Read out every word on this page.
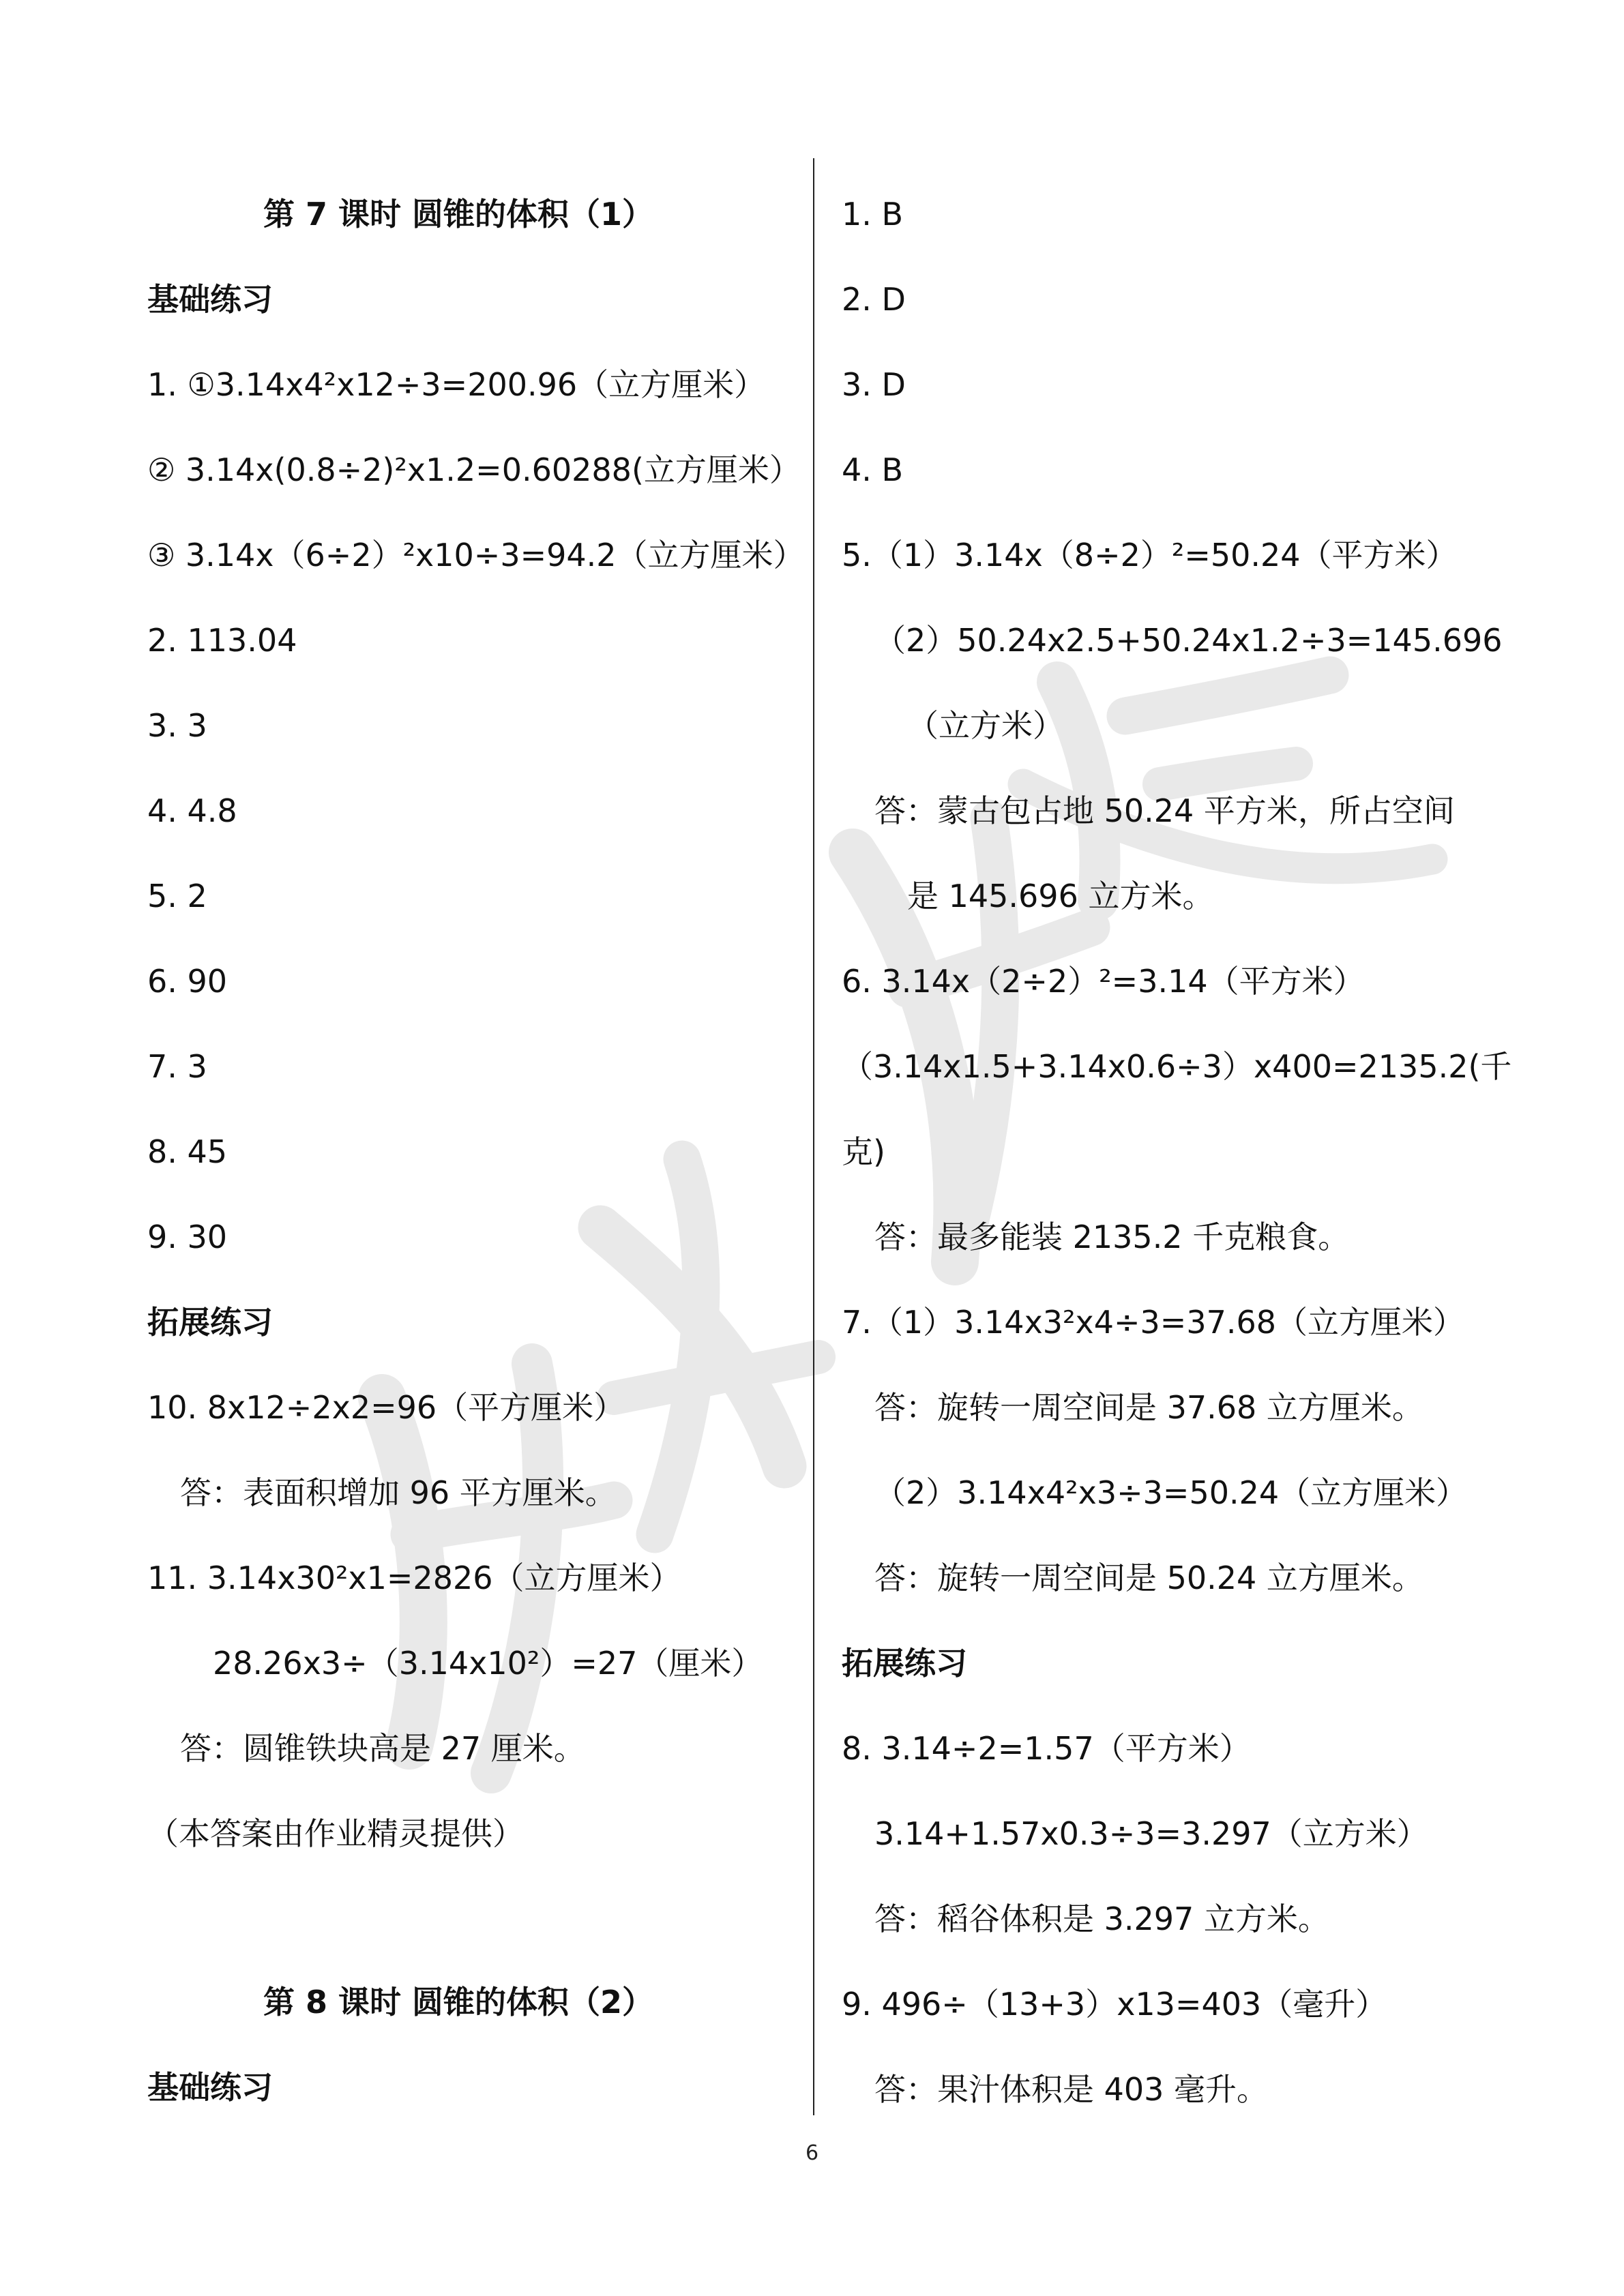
第 7 课时 圆锥的体积（1）
基础练习
1. ①3.14x4²x12÷3=200.96（立方厘米）
② 3.14x(0.8÷2)²x1.2=0.60288(立方厘米）
③ 3.14x（6÷2）²x10÷3=94.2（立方厘米）
2. 113.04
3. 3
4. 4.8
5. 2
6. 90
7. 3
8. 45
9. 30
拓展练习
10. 8x12÷2x2=96（平方厘米）
答：表面积增加 96 平方厘米。
11. 3.14x30²x1=2826（立方厘米）
28.26x3÷（3.14x10²）=27（厘米）
答：圆锥铁块高是 27 厘米。
（本答案由作业精灵提供）
第 8 课时 圆锥的体积（2）
基础练习
1. B
2. D
3. D
4. B
5.（1）3.14x（8÷2）²=50.24（平方米）
（2）50.24x2.5+50.24x1.2÷3=145.696
（立方米）
答：蒙古包占地 50.24 平方米，所占空间
是 145.696 立方米。
6. 3.14x（2÷2）²=3.14（平方米）
（3.14x1.5+3.14x0.6÷3）x400=2135.2(千
克)
答：最多能装 2135.2 千克粮食。
7.（1）3.14x3²x4÷3=37.68（立方厘米）
答：旋转一周空间是 37.68 立方厘米。
（2）3.14x4²x3÷3=50.24（立方厘米）
答：旋转一周空间是 50.24 立方厘米。
拓展练习
8. 3.14÷2=1.57（平方米）
3.14+1.57x0.3÷3=3.297（立方米）
答：稻谷体积是 3.297 立方米。
9. 496÷（13+3）x13=403（毫升）
答：果汁体积是 403 毫升。
6
